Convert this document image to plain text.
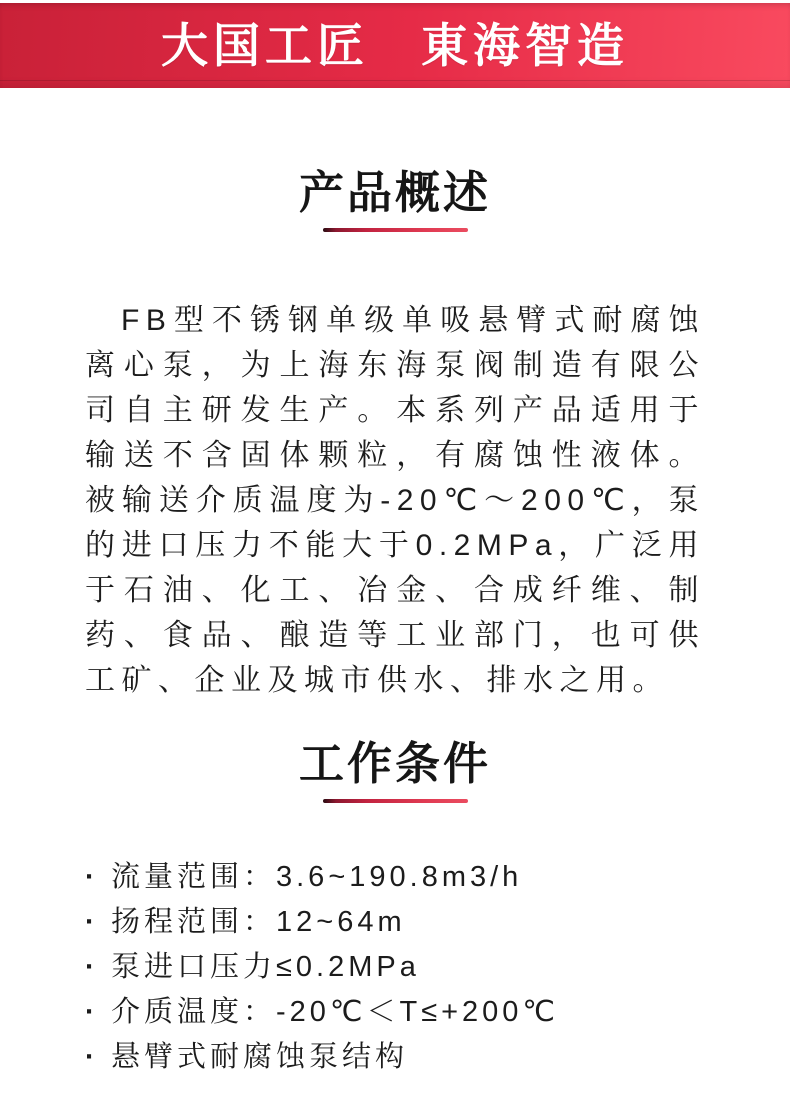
大国工匠　東海智造
产品概述

FB型不锈钢单级单吸悬臂式耐腐蚀离心泵，为上海东海泵阀制造有限公司自主研发生产。本系列产品适用于输送不含固体颗粒，有腐蚀性液体。被输送介质温度为-20℃～200℃，泵的进口压力不能大于0.2MPa，广泛用于石油、化工、冶金、合成纤维、制药、食品、酿造等工业部门，也可供工矿、企业及城市供水、排水之用。

工作条件
· 流量范围：3.6~190.8m3/h
· 扬程范围：12~64m
· 泵进口压力≤0.2MPa
· 介质温度：-20℃＜T≤+200℃
· 悬臂式耐腐蚀泵结构
